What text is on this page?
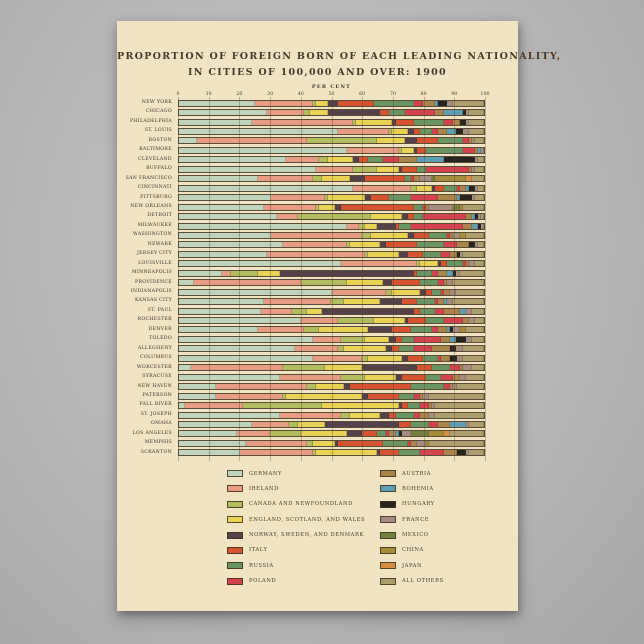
PROPORTION OF FOREIGN BORN OF EACH LEADING NATIONALITY,
IN CITIES OF 100,000 AND OVER: 1900
PER CENT
0	10	20	30	40	50	60	70	80	90	100
NEW YORK
CHICAGO
PHILADELPHIA
ST. LOUIS
BOSTON
BALTIMORE
CLEVELAND
BUFFALO
SAN FRANCISCO
CINCINNATI
PITTSBURG
NEW ORLEANS
DETROIT
MILWAUKEE
WASHINGTON
NEWARK
JERSEY CITY
LOUISVILLE
MINNEAPOLIS
PROVIDENCE
INDIANAPOLIS
KANSAS CITY
ST. PAUL
ROCHESTER
DENVER
TOLEDO
ALLEGHENY
COLUMBUS
WORCESTER
SYRACUSE
NEW HAVEN
PATERSON
FALL RIVER
ST. JOSEPH
OMAHA
LOS ANGELES
MEMPHIS
SCRANTON
GERMANY
IRELAND
CANADA AND NEWFOUNDLAND
ENGLAND, SCOTLAND, AND WALES
NORWAY, SWEDEN, AND DENMARK
ITALY
RUSSIA
POLAND
AUSTRIA
BOHEMIA
HUNGARY
FRANCE
MEXICO
CHINA
JAPAN
ALL OTHERS
